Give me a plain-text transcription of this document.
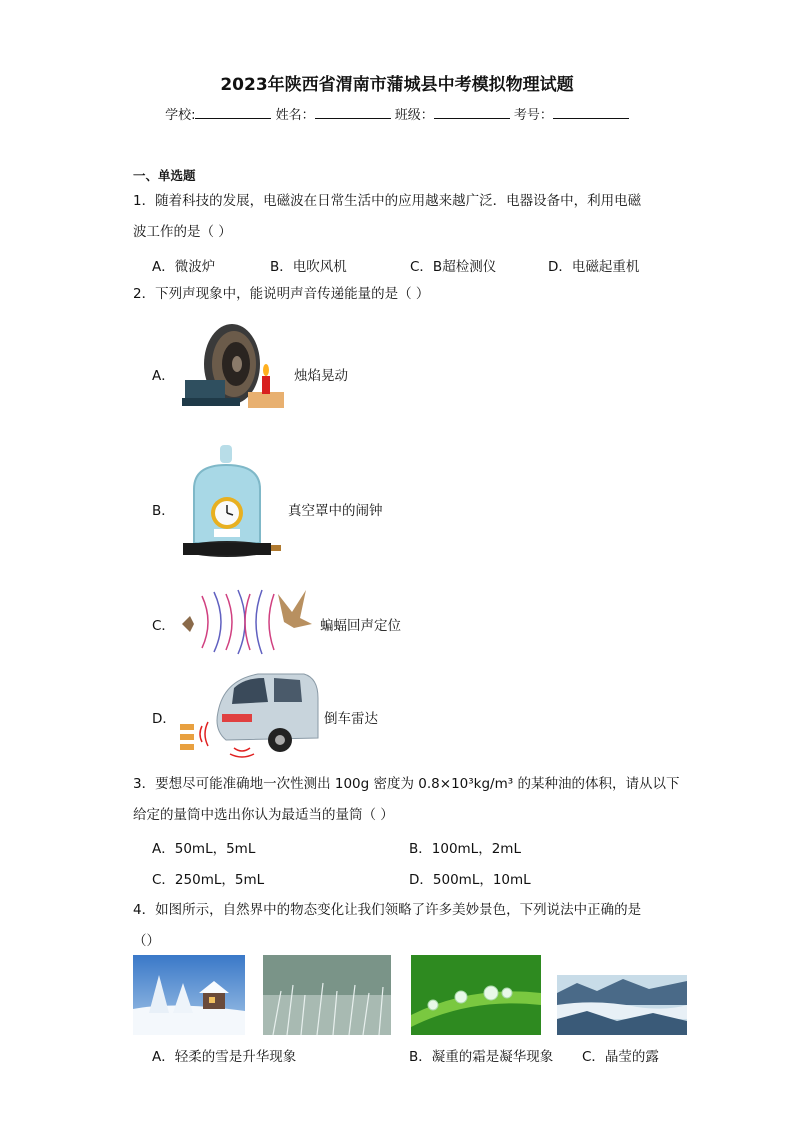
2023年陕西省渭南市蒲城县中考模拟物理试题
学校:	姓名：	班级：	考号：
一、单选题
1．随着科技的发展，电磁波在日常生活中的应用越来越广泛．电器设备中，利用电磁
波工作的是（ ）
A．微波炉	B．电吹风机	C．B超检测仪	D．电磁起重机
2．下列声现象中，能说明声音传递能量的是（ ）
A．	烛焰晃动
B．	真空罩中的闹钟
C．	蝙蝠回声定位
D．	倒车雷达
3．要想尽可能准确地一次性测出 100g 密度为 0.8×10³kg/m³ 的某种油的体积，请从以下
给定的量筒中选出你认为最适当的量筒（ ）
A．50mL，5mL	B．100mL，2mL
C．250mL，5mL	D．500mL，10mL
4．如图所示，自然界中的物态变化让我们领略了许多美妙景色，下列说法中正确的是
（）
A．轻柔的雪是升华现象	B．凝重的霜是凝华现象 C．晶莹的露
